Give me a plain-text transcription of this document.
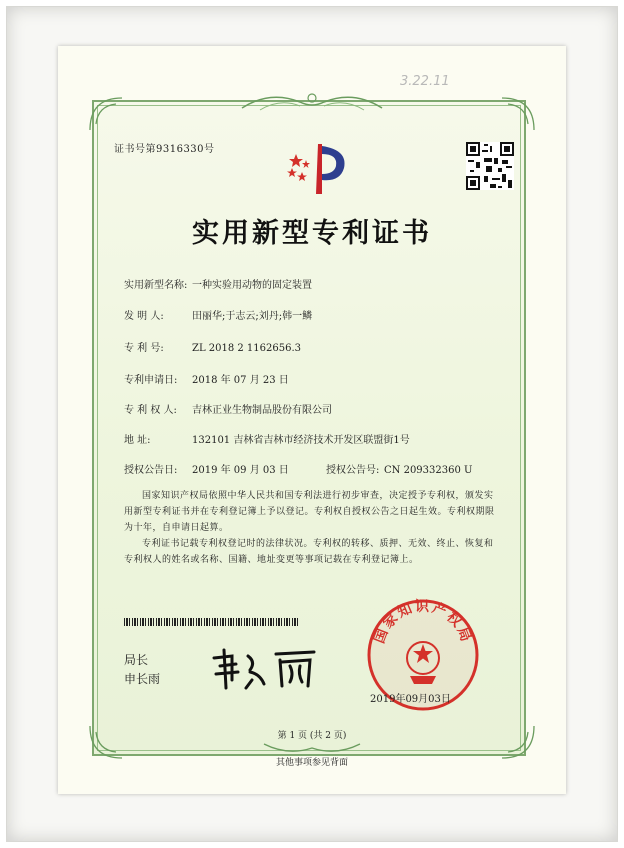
3.22.11
证书号第9316330号
实用新型专利证书
实用新型名称: 一种实验用动物的固定装置
发 明 人:	田丽华;于志云;刘丹;韩一鳞
专 利 号:	ZL 2018 2 1162656.3
专利申请日: 2018 年 07 月 23 日
专 利 权 人: 吉林正业生物制品股份有限公司
地 址:	132101 吉林省吉林市经济技术开发区联盟街1号
授权公告日: 2019 年 09 月 03 日	授权公告号: CN 209332360 U
国家知识产权局依照中华人民共和国专利法进行初步审查，决定授予专利权，颁发实用新型专利证书并在专利登记簿上予以登记。专利权自授权公告之日起生效。专利权期限为十年，自申请日起算。
专利证书记载专利权登记时的法律状况。专利权的转移、质押、无效、终止、恢复和专利权人的姓名或名称、国籍、地址变更等事项记载在专利登记簿上。
局长
申长雨
国家知识产权局
2019年09月03日
第 1 页 (共 2 页)
其他事项参见背面
